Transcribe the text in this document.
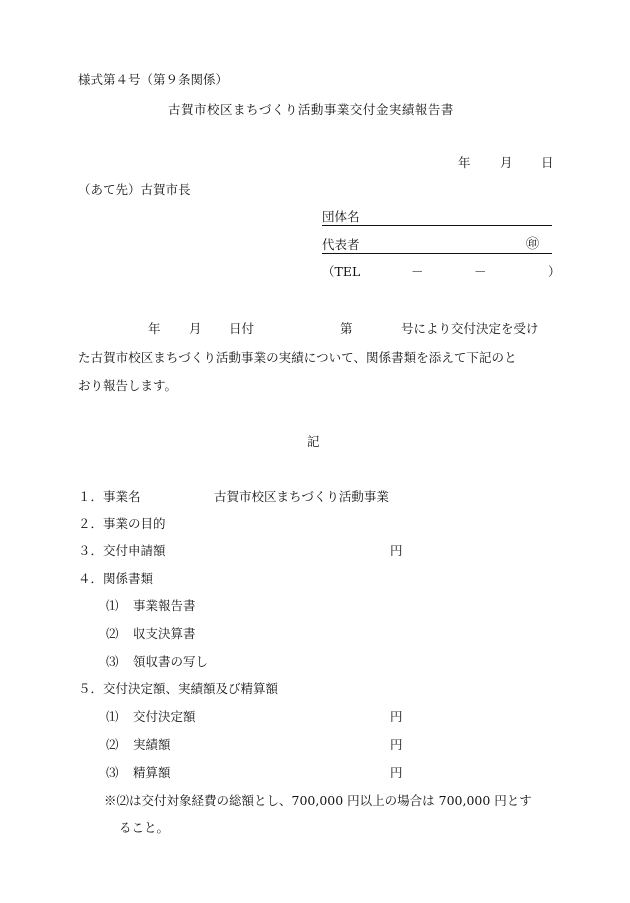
様式第４号（第９条関係）
古賀市校区まちづくり活動事業交付金実績報告書
年 月 日
（あて先）古賀市長
団体名
代表者	㊞
（TEL	－	－	）
年 月 日付	第	号により交付決定を受け
た古賀市校区まちづくり活動事業の実績について、関係書類を添えて下記のと
おり報告します。
記
１．事業名	古賀市校区まちづくり活動事業
２．事業の目的
３．交付申請額	円
４．関係書類
⑴ 事業報告書
⑵ 収支決算書
⑶ 領収書の写し
５．交付決定額、実績額及び精算額
⑴ 交付決定額	円
⑵ 実績額	円
⑶ 精算額	円
※⑵は交付対象経費の総額とし、700,000 円以上の場合は 700,000 円とす
ること。
